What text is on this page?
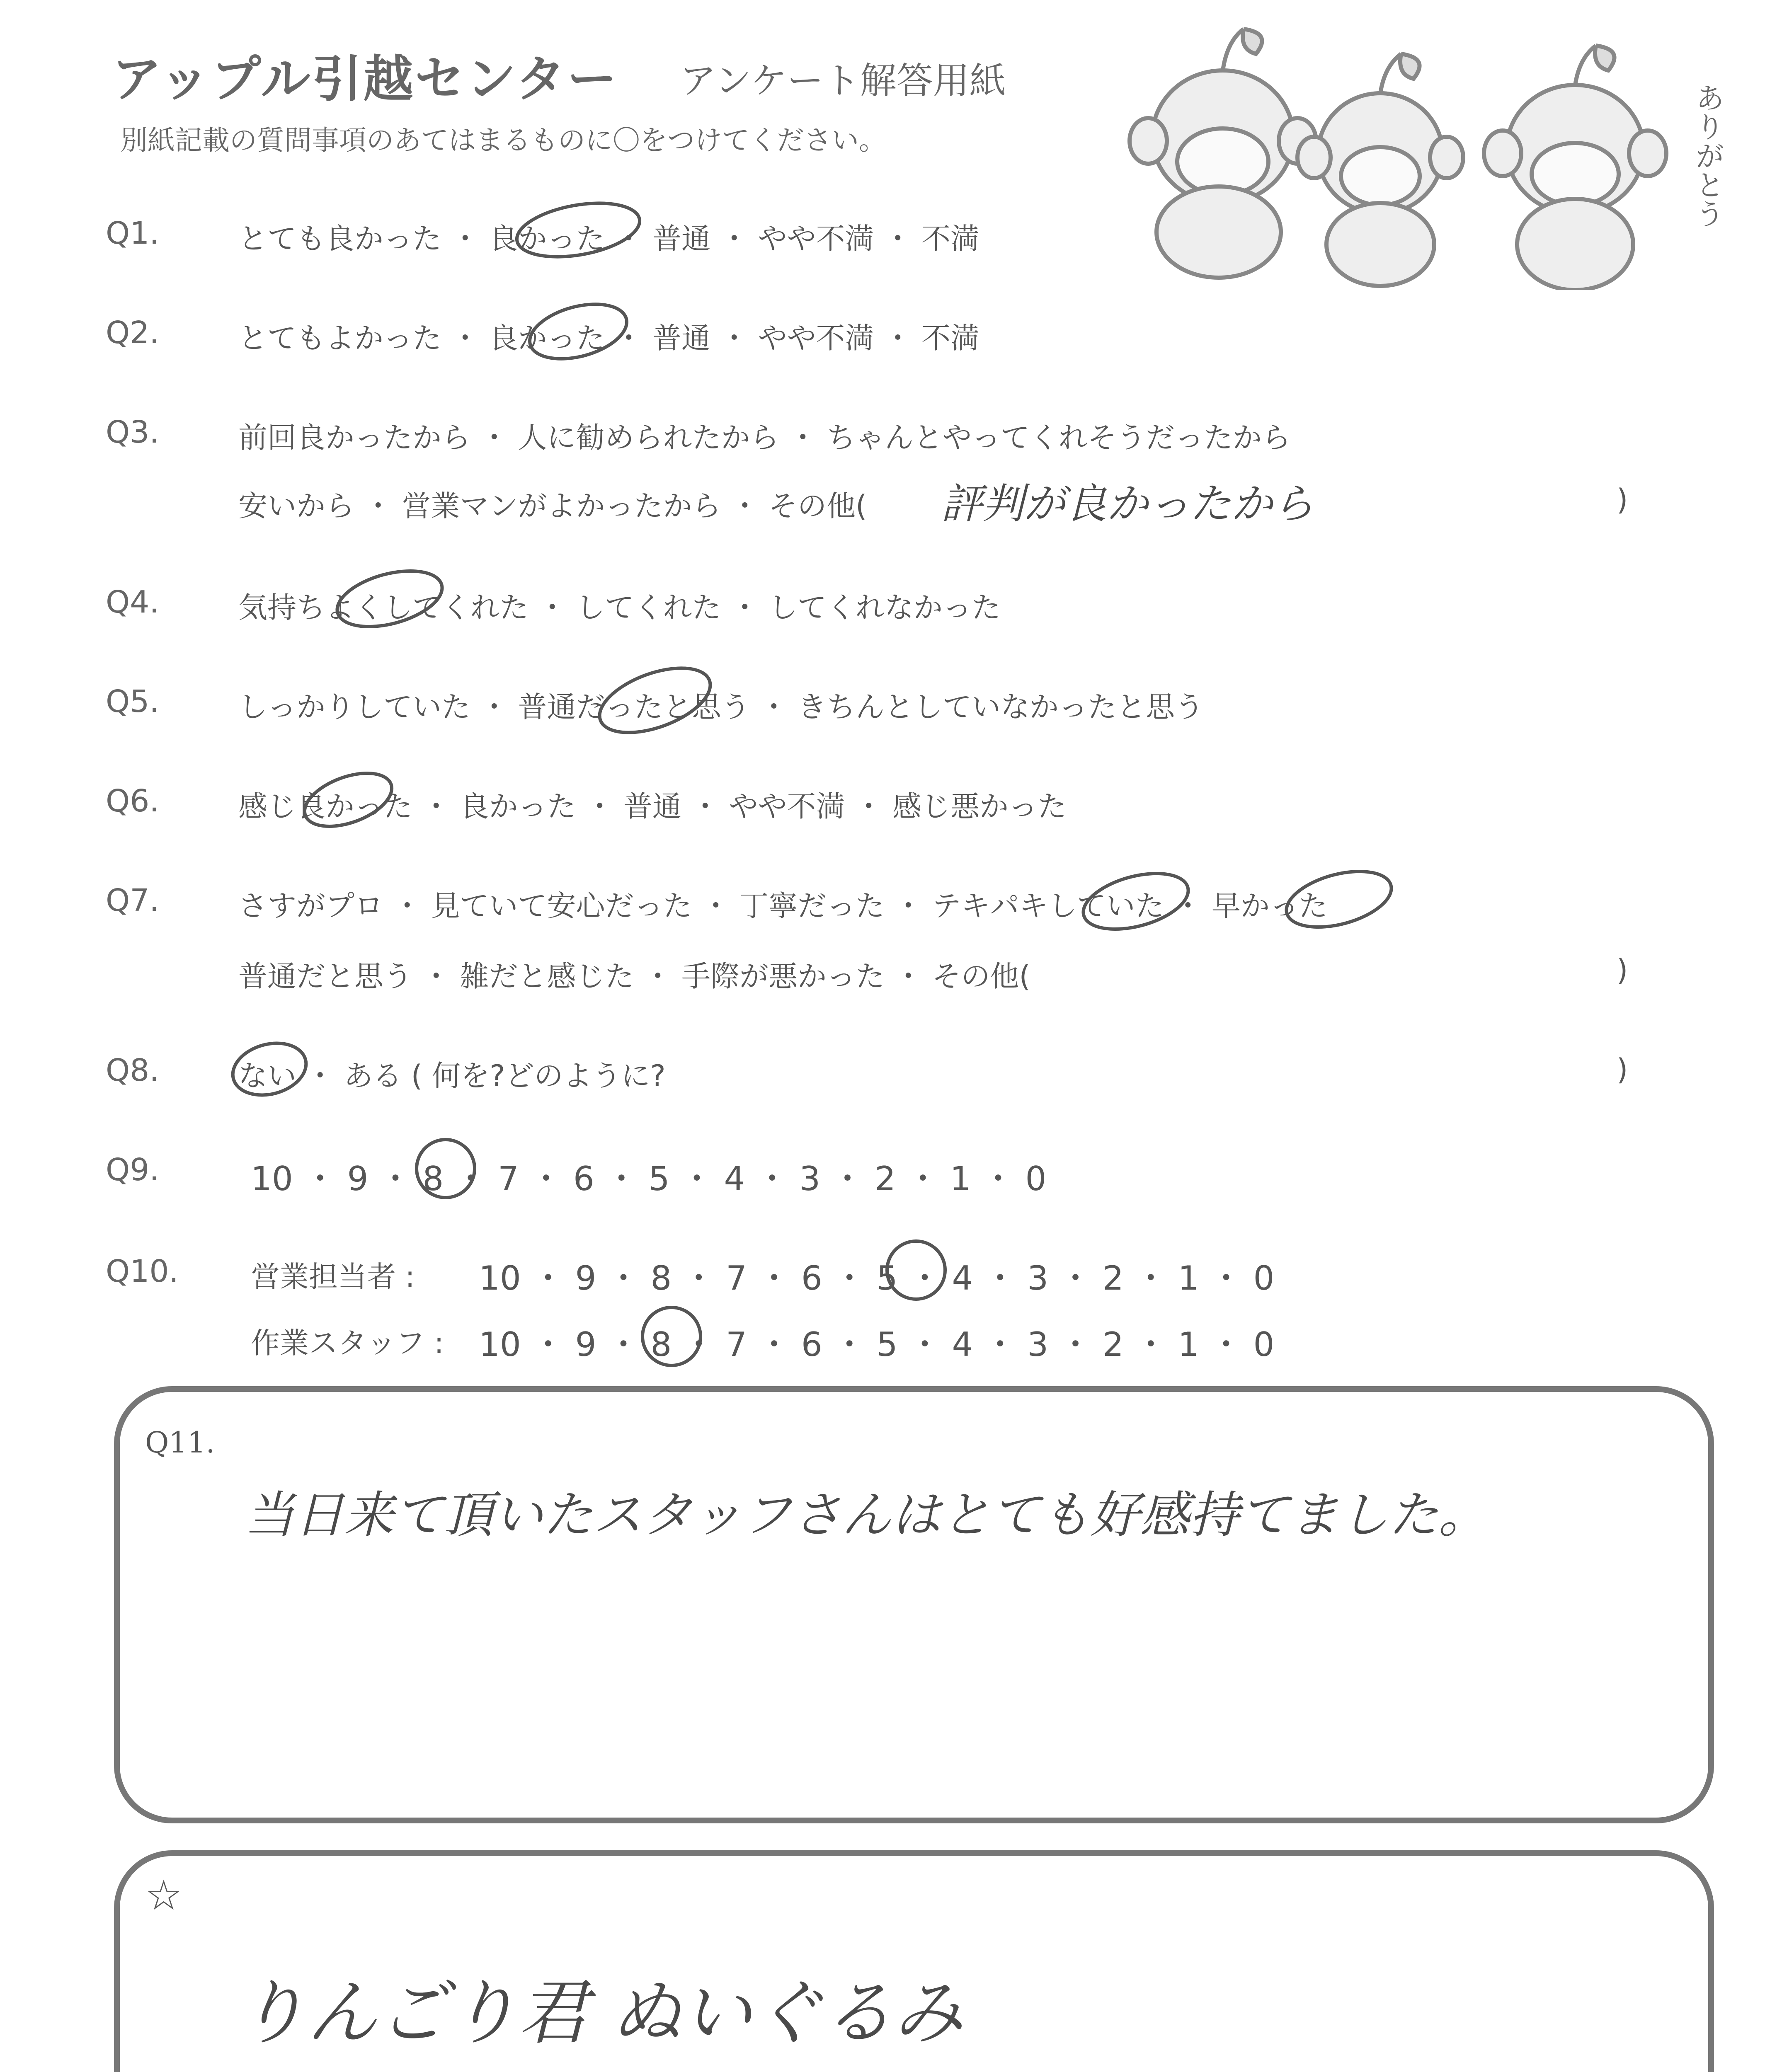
アップル引越センター アンケート解答用紙
別紙記載の質問事項のあてはまるものに〇をつけてください。	ありがとう
Q1.	とても良かった ・ 良かった ・ 普通 ・ やや不満 ・ 不満
Q2.	とてもよかった ・ 良かった ・ 普通 ・ やや不満 ・ 不満
Q3.	前回良かったから ・ 人に勧められたから ・ ちゃんとやってくれそうだったから
安いから ・ 営業マンがよかったから ・ その他( 評判が良かったから	)
Q4.	気持ちよくしてくれた ・ してくれた ・ してくれなかった
Q5.	しっかりしていた ・ 普通だったと思う ・ きちんとしていなかったと思う
Q6.	感じ良かった ・ 良かった ・ 普通 ・ やや不満 ・ 感じ悪かった
Q7.	さすがプロ ・ 見ていて安心だった ・ 丁寧だった ・ テキパキしていた ・ 早かった
普通だと思う ・ 雑だと感じた ・ 手際が悪かった ・ その他(	)
Q8.	ない ・ ある ( 何を?どのように?	)
Q9.	10 ・ 9 ・ 8 ・ 7 ・ 6 ・ 5 ・ 4 ・ 3 ・ 2 ・ 1 ・ 0
Q10. 営業担当者 : 10 ・ 9 ・ 8 ・ 7 ・ 6 ・ 5 ・ 4 ・ 3 ・ 2 ・ 1 ・ 0
作業スタッフ : 10 ・ 9 ・ 8 ・ 7 ・ 6 ・ 5 ・ 4 ・ 3 ・ 2 ・ 1 ・ 0
Q11.
当日来て頂いたスタッフさんはとても好感持てました。
☆
りんごり君 ぬいぐるみ
